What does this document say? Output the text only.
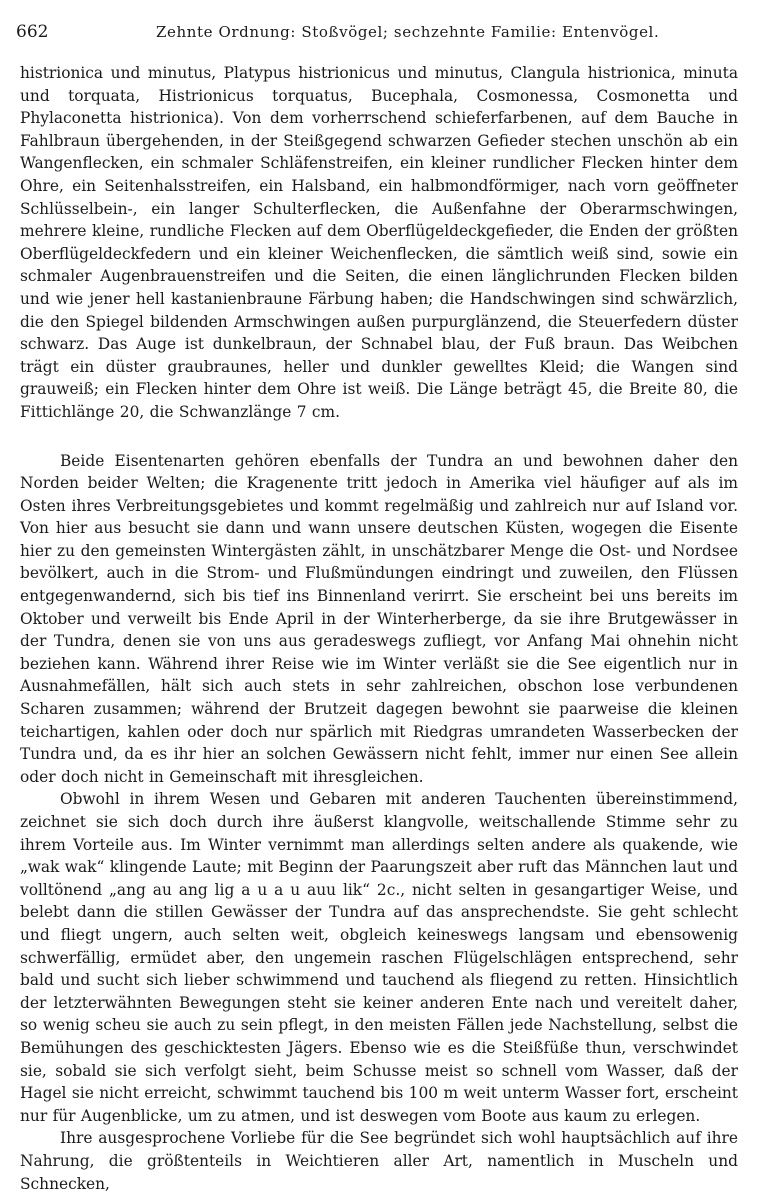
662	Zehnte Ordnung: Stoßvögel; sechzehnte Familie: Entenvögel.

histrionica und minutus, Platypus histrionicus und minutus, Clangula histrionica, minuta und torquata, Histrionicus torquatus, Bucephala, Cosmonessa, Cosmonetta und Phylaconetta histrionica). Von dem vorherrschend schieferfarbenen, auf dem Bauche in Fahlbraun übergehenden, in der Steißgegend schwarzen Gefieder stechen unschön ab ein Wangenflecken, ein schmaler Schläfenstreifen, ein kleiner rundlicher Flecken hinter dem Ohre, ein Seitenhalsstreifen, ein Halsband, ein halbmondförmiger, nach vorn geöffneter Schlüsselbein-, ein langer Schulterflecken, die Außenfahne der Oberarmschwingen, mehrere kleine, rundliche Flecken auf dem Oberflügeldeckgefieder, die Enden der größten Oberflügeldeckfedern und ein kleiner Weichenflecken, die sämtlich weiß sind, sowie ein schmaler Augenbrauenstreifen und die Seiten, die einen länglichrunden Flecken bilden und wie jener hell kastanienbraune Färbung haben; die Handschwingen sind schwärzlich, die den Spiegel bildenden Armschwingen außen purpurglänzend, die Steuerfedern düster schwarz. Das Auge ist dunkelbraun, der Schnabel blau, der Fuß braun. Das Weibchen trägt ein düster graubraunes, heller und dunkler gewelltes Kleid; die Wangen sind grauweiß; ein Flecken hinter dem Ohre ist weiß. Die Länge beträgt 45, die Breite 80, die Fittichlänge 20, die Schwanzlänge 7 cm.

Beide Eisentenarten gehören ebenfalls der Tundra an und bewohnen daher den Norden beider Welten; die Kragenente tritt jedoch in Amerika viel häufiger auf als im Osten ihres Verbreitungsgebietes und kommt regelmäßig und zahlreich nur auf Island vor. Von hier aus besucht sie dann und wann unsere deutschen Küsten, wogegen die Eisente hier zu den gemeinsten Wintergästen zählt, in unschätzbarer Menge die Ost- und Nordsee bevölkert, auch in die Strom- und Flußmündungen eindringt und zuweilen, den Flüssen entgegenwandernd, sich bis tief ins Binnenland verirrt. Sie erscheint bei uns bereits im Oktober und verweilt bis Ende April in der Winterherberge, da sie ihre Brutgewässer in der Tundra, denen sie von uns aus geradeswegs zufliegt, vor Anfang Mai ohnehin nicht beziehen kann. Während ihrer Reise wie im Winter verläßt sie die See eigentlich nur in Ausnahmefällen, hält sich auch stets in sehr zahlreichen, obschon lose verbundenen Scharen zusammen; während der Brutzeit dagegen bewohnt sie paarweise die kleinen teichartigen, kahlen oder doch nur spärlich mit Riedgras umrandeten Wasserbecken der Tundra und, da es ihr hier an solchen Gewässern nicht fehlt, immer nur einen See allein oder doch nicht in Gemeinschaft mit ihresgleichen.

Obwohl in ihrem Wesen und Gebaren mit anderen Tauchenten übereinstimmend, zeichnet sie sich doch durch ihre äußerst klangvolle, weitschallende Stimme sehr zu ihrem Vorteile aus. Im Winter vernimmt man allerdings selten andere als quakende, wie „wak wak“ klingende Laute; mit Beginn der Paarungszeit aber ruft das Männchen laut und volltönend „ang au ang lig a u a u auu lik“ 2c., nicht selten in gesangartiger Weise, und belebt dann die stillen Gewässer der Tundra auf das ansprechendste. Sie geht schlecht und fliegt ungern, auch selten weit, obgleich keineswegs langsam und ebensowenig schwerfällig, ermüdet aber, den ungemein raschen Flügelschlägen entsprechend, sehr bald und sucht sich lieber schwimmend und tauchend als fliegend zu retten. Hinsichtlich der letzterwähnten Bewegungen steht sie keiner anderen Ente nach und vereitelt daher, so wenig scheu sie auch zu sein pflegt, in den meisten Fällen jede Nachstellung, selbst die Bemühungen des geschicktesten Jägers. Ebenso wie es die Steißfüße thun, verschwindet sie, sobald sie sich verfolgt sieht, beim Schusse meist so schnell vom Wasser, daß der Hagel sie nicht erreicht, schwimmt tauchend bis 100 m weit unterm Wasser fort, erscheint nur für Augenblicke, um zu atmen, und ist deswegen vom Boote aus kaum zu erlegen.

Ihre ausgesprochene Vorliebe für die See begründet sich wohl hauptsächlich auf ihre Nahrung, die größtenteils in Weichtieren aller Art, namentlich in Muscheln und Schnecken,
